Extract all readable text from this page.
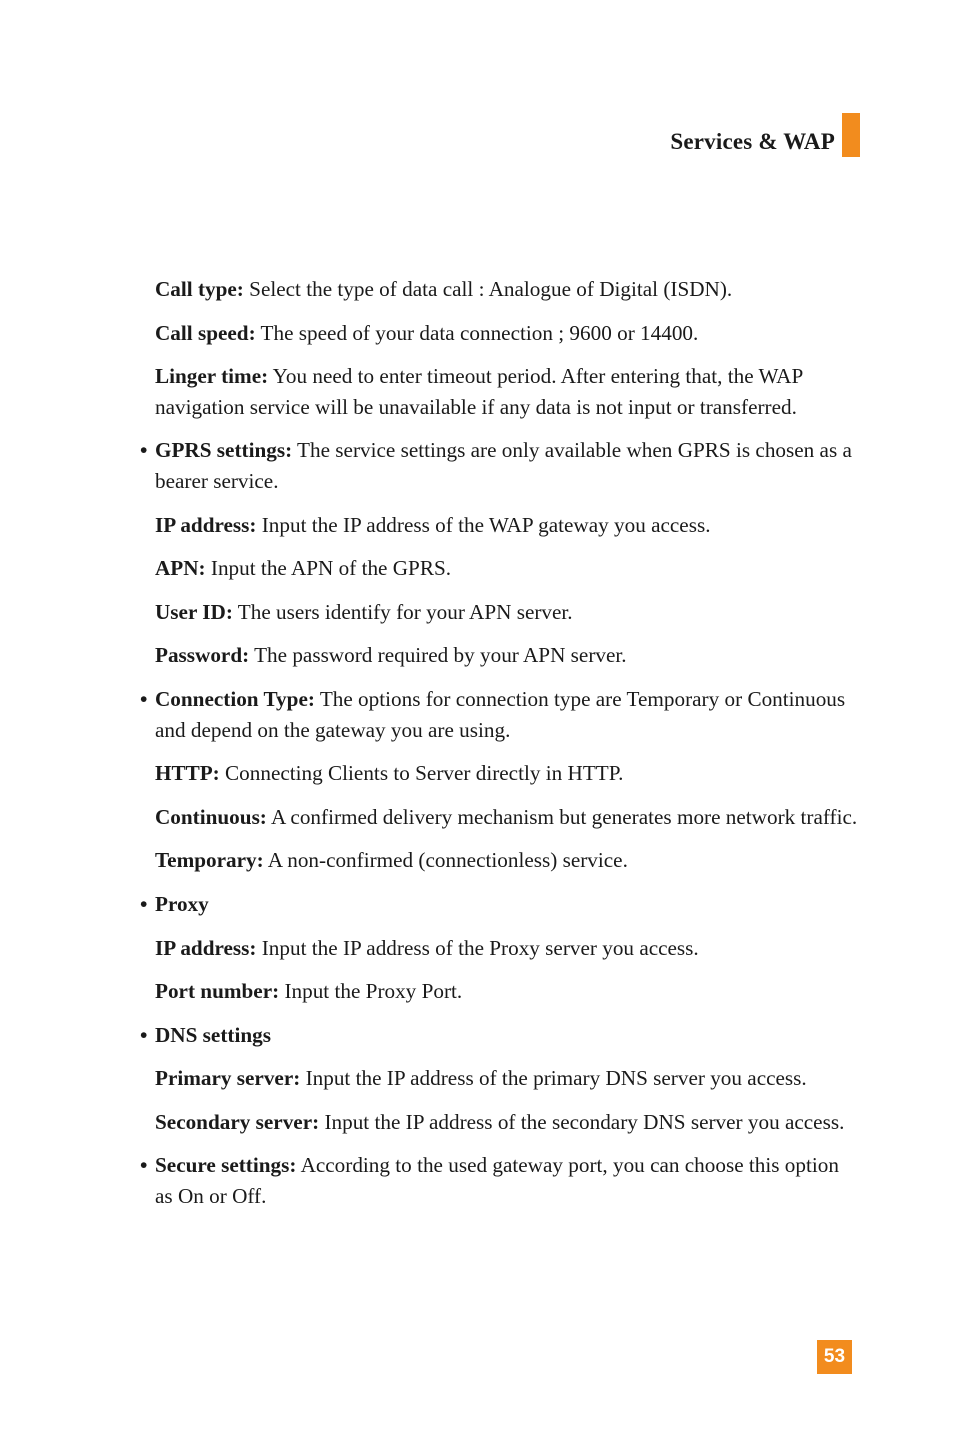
Services & WAP

Call type: Select the type of data call : Analogue of Digital (ISDN).

Call speed: The speed of your data connection ; 9600 or 14400.

Linger time: You need to enter timeout period. After entering that, the WAP navigation service will be unavailable if any data is not input or transferred.

• GPRS settings: The service settings are only available when GPRS is chosen as a bearer service.

IP address: Input the IP address of the WAP gateway you access.

APN: Input the APN of the GPRS.

User ID: The users identify for your APN server.

Password: The password required by your APN server.

• Connection Type: The options for connection type are Temporary or Continuous and depend on the gateway you are using.

HTTP: Connecting Clients to Server directly in HTTP.

Continuous: A confirmed delivery mechanism but generates more network traffic.

Temporary: A non-confirmed (connectionless) service.

• Proxy

IP address: Input the IP address of the Proxy server you access.

Port number: Input the Proxy Port.

• DNS settings

Primary server: Input the IP address of the primary DNS server you access.

Secondary server: Input the IP address of the secondary DNS server you access.

• Secure settings: According to the used gateway port, you can choose this option as On or Off.

53
